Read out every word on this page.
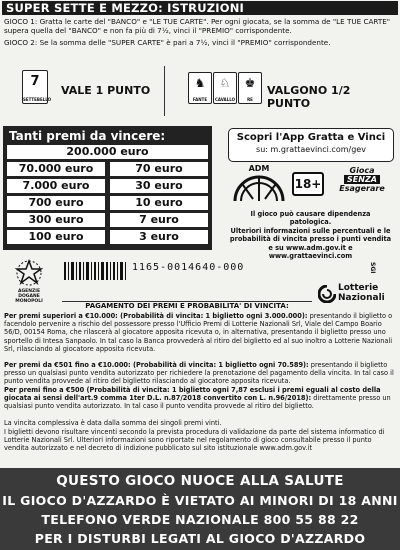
SUPER SETTE E MEZZO: ISTRUZIONI
GIOCO 1: Gratta le carte del "BANCO" e "LE TUE CARTE". Per ogni giocata, se la somma de "LE TUE CARTE" supera quella del "BANCO" e non fa più di 7½, vinci il "PREMIO" corrispondente.
GIOCO 2: Se la somma delle "SUPER CARTE" è pari a 7½, vinci il "PREMIO" corrispondente.
7
SETTEBELLO
VALE 1 PUNTO
♞
FANTE
♘
CAVALLO
♚
RE
VALGONO 1/2 PUNTO
Tanti premi da vincere:
200.000 euro
70.000 euro	70 euro
7.000 euro	30 euro
700 euro	10 euro
300 euro	7 euro
100 euro	3 euro
Scopri l'App Gratta e Vinci
su: m.grattaevinci.com/gev
ADM
18+
Gioca
SENZA
Esagerare
Il gioco può causare dipendenza patologica.
Ulteriori informazioni sulle percentuali e le probabilità di vincita presso i punti vendita e su www.adm.gov.it e www.grattaevinci.com
AGENZIE
DOGANE
MONOPOLI
1165-0014640-000	SGI
Lotterie
Nazionali
PAGAMENTO DEI PREMI E PROBABILITA' DI VINCITA:
Per premi superiori a €10.000: (Probabilità di vincita: 1 biglietto ogni 3.000.000): presentando il biglietto o facendolo pervenire a rischio del possessore presso l'Ufficio Premi di Lotterie Nazionali Srl, Viale del Campo Boario 56/D, 00154 Roma, che rilascerà al giocatore apposita ricevuta o, in alternativa, presentando il biglietto presso uno sportello di Intesa Sanpaolo. In tal caso la Banca provvederà al ritiro del biglietto ed al suo inoltro a Lotterie Nazionali Srl, rilasciando al giocatore apposita ricevuta.
Per premi da €501 fino a €10.000: (Probabilità di vincita: 1 biglietto ogni 70.589): presentando il biglietto presso un qualsiasi punto vendita autorizzato per richiedere la prenotazione del pagamento della vincita. In tal caso il punto vendita provvede al ritiro del biglietto rilasciando al giocatore apposita ricevuta.
Per premi fino a €500 (Probabilità di vincita: 1 biglietto ogni 7,87 esclusi i premi eguali al costo della giocata ai sensi dell'art.9 comma 1ter D.L. n.87/2018 convertito con L. n.96/2018): direttamente presso un qualsiasi punto vendita autorizzato. In tal caso il punto vendita provvede al ritiro del biglietto.
La vincita complessiva è data dalla somma dei singoli premi vinti.
I biglietti devono risultare vincenti secondo la prevista procedura di validazione da parte del sistema informatico di Lotterie Nazionali Srl. Ulteriori informazioni sono riportate nel regolamento di gioco consultabile presso il punto vendita autorizzato e nel decreto di indizione pubblicato sul sito istituzionale www.adm.gov.it
QUESTO GIOCO NUOCE ALLA SALUTE
IL GIOCO D'AZZARDO È VIETATO AI MINORI DI 18 ANNI
TELEFONO VERDE NAZIONALE 800 55 88 22
PER I DISTURBI LEGATI AL GIOCO D'AZZARDO
